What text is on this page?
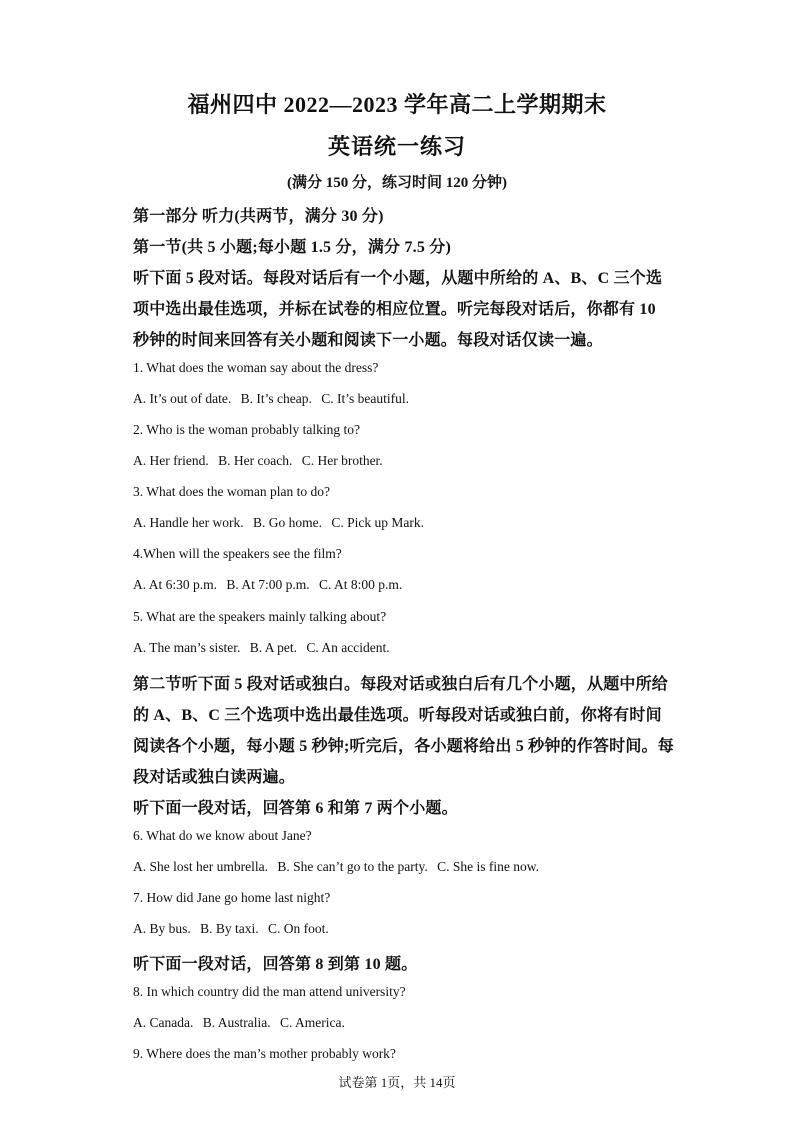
福州四中 2022—2023 学年高二上学期期末
英语统一练习
(满分 150 分，练习时间 120 分钟)
第一部分 听力(共两节，满分 30 分)
第一节(共 5 小题;每小题 1.5 分，满分 7.5 分)
听下面 5 段对话。每段对话后有一个小题，从题中所给的 A、B、C 三个选
项中选出最佳选项，并标在试卷的相应位置。听完每段对话后，你都有 10
秒钟的时间来回答有关小题和阅读下一小题。每段对话仅读一遍。
1. What does the woman say about the dress?
A. It’s out of date. B. It’s cheap. C. It’s beautiful.
2. Who is the woman probably talking to?
A. Her friend. B. Her coach. C. Her brother.
3. What does the woman plan to do?
A. Handle her work. B. Go home. C. Pick up Mark.
4.When will the speakers see the film?
A. At 6:30 p.m. B. At 7:00 p.m. C. At 8:00 p.m.
5. What are the speakers mainly talking about?
A. The man’s sister. B. A pet. C. An accident.
第二节听下面 5 段对话或独白。每段对话或独白后有几个小题，从题中所给
的 A、B、C 三个选项中选出最佳选项。听每段对话或独白前，你将有时间
阅读各个小题，每小题 5 秒钟;听完后，各小题将给出 5 秒钟的作答时间。每
段对话或独白读两遍。
听下面一段对话，回答第 6 和第 7 两个小题。
6. What do we know about Jane?
A. She lost her umbrella. B. She can’t go to the party. C. She is fine now.
7. How did Jane go home last night?
A. By bus. B. By taxi. C. On foot.
听下面一段对话，回答第 8 到第 10 题。
8. In which country did the man attend university?
A. Canada. B. Australia. C. America.
9. Where does the man’s mother probably work?
试卷第 1页，共 14页
